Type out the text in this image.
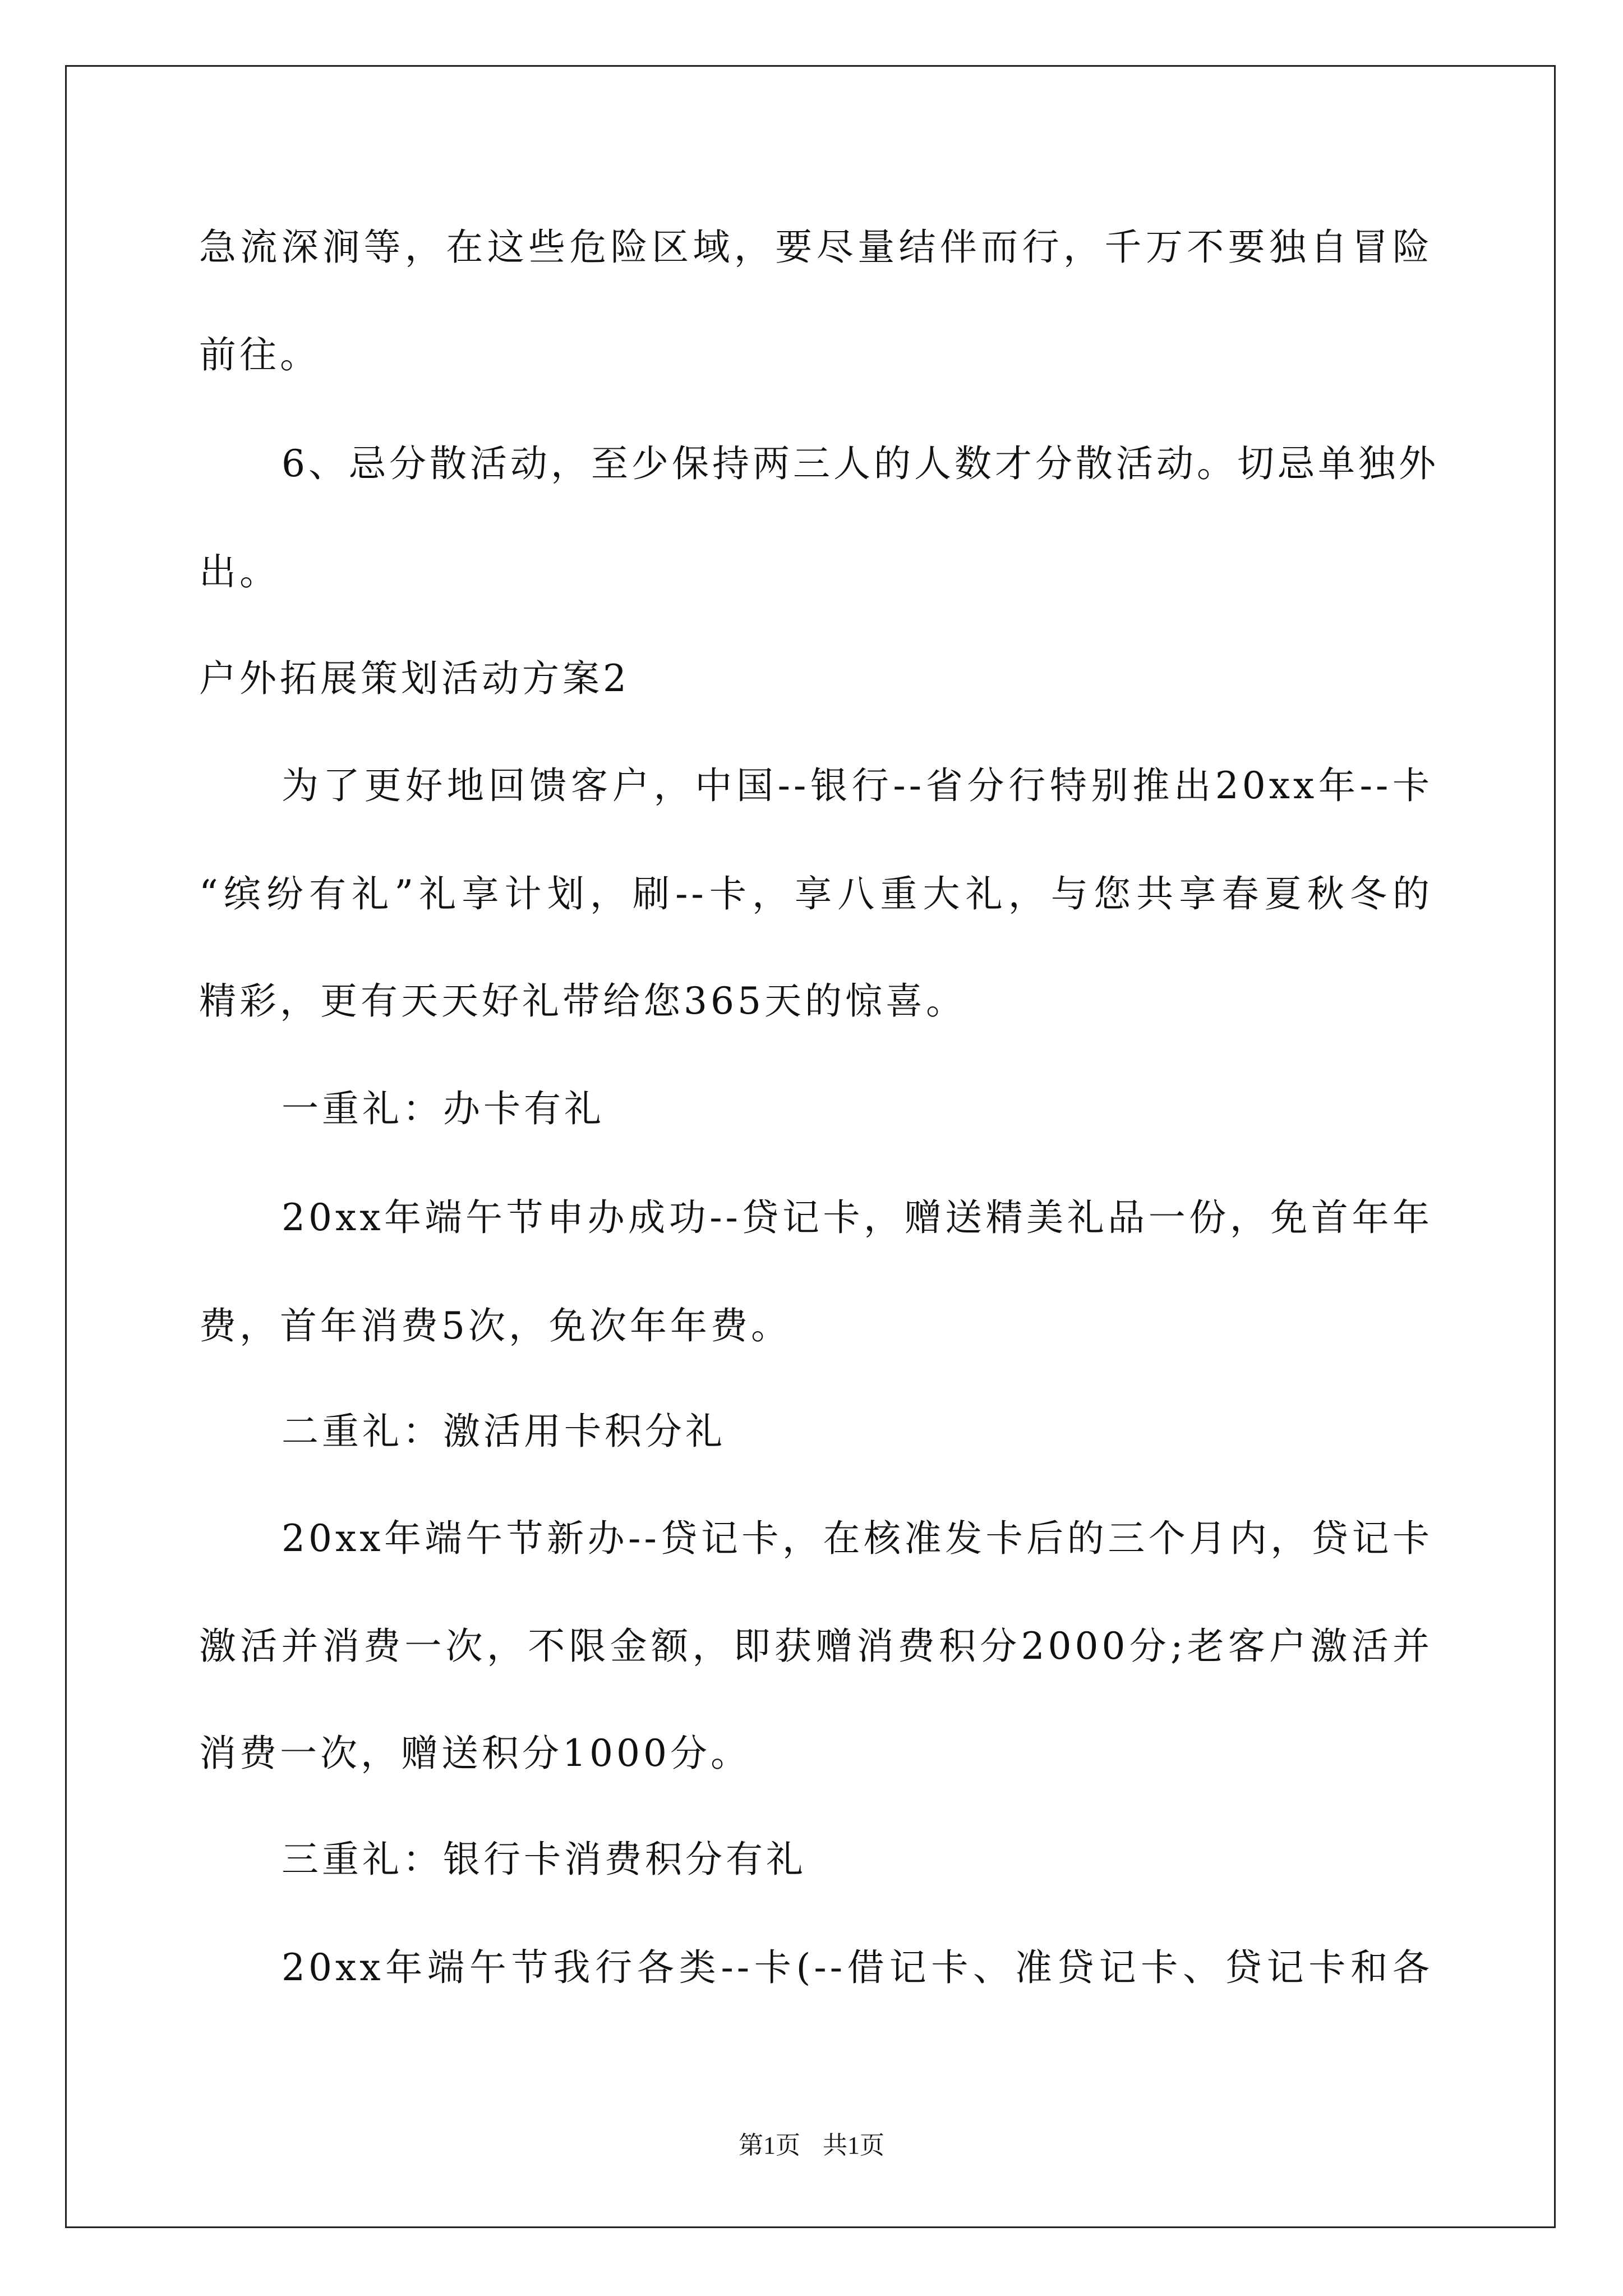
急流深涧等，在这些危险区域，要尽量结伴而行，千万不要独自冒险
前往。
6、忌分散活动，至少保持两三人的人数才分散活动。切忌单独外
出。
户外拓展策划活动方案2
为了更好地回馈客户，中国--银行--省分行特别推出20xx年--卡
“缤纷有礼”礼享计划，刷--卡，享八重大礼，与您共享春夏秋冬的
精彩，更有天天好礼带给您365天的惊喜。
一重礼：办卡有礼
20xx年端午节申办成功--贷记卡，赠送精美礼品一份，免首年年
费，首年消费5次，免次年年费。
二重礼：激活用卡积分礼
20xx年端午节新办--贷记卡，在核准发卡后的三个月内，贷记卡
激活并消费一次，不限金额，即获赠消费积分2000分;老客户激活并
消费一次，赠送积分1000分。
三重礼：银行卡消费积分有礼
20xx年端午节我行各类--卡(--借记卡、准贷记卡、贷记卡和各
第1页 共1页
